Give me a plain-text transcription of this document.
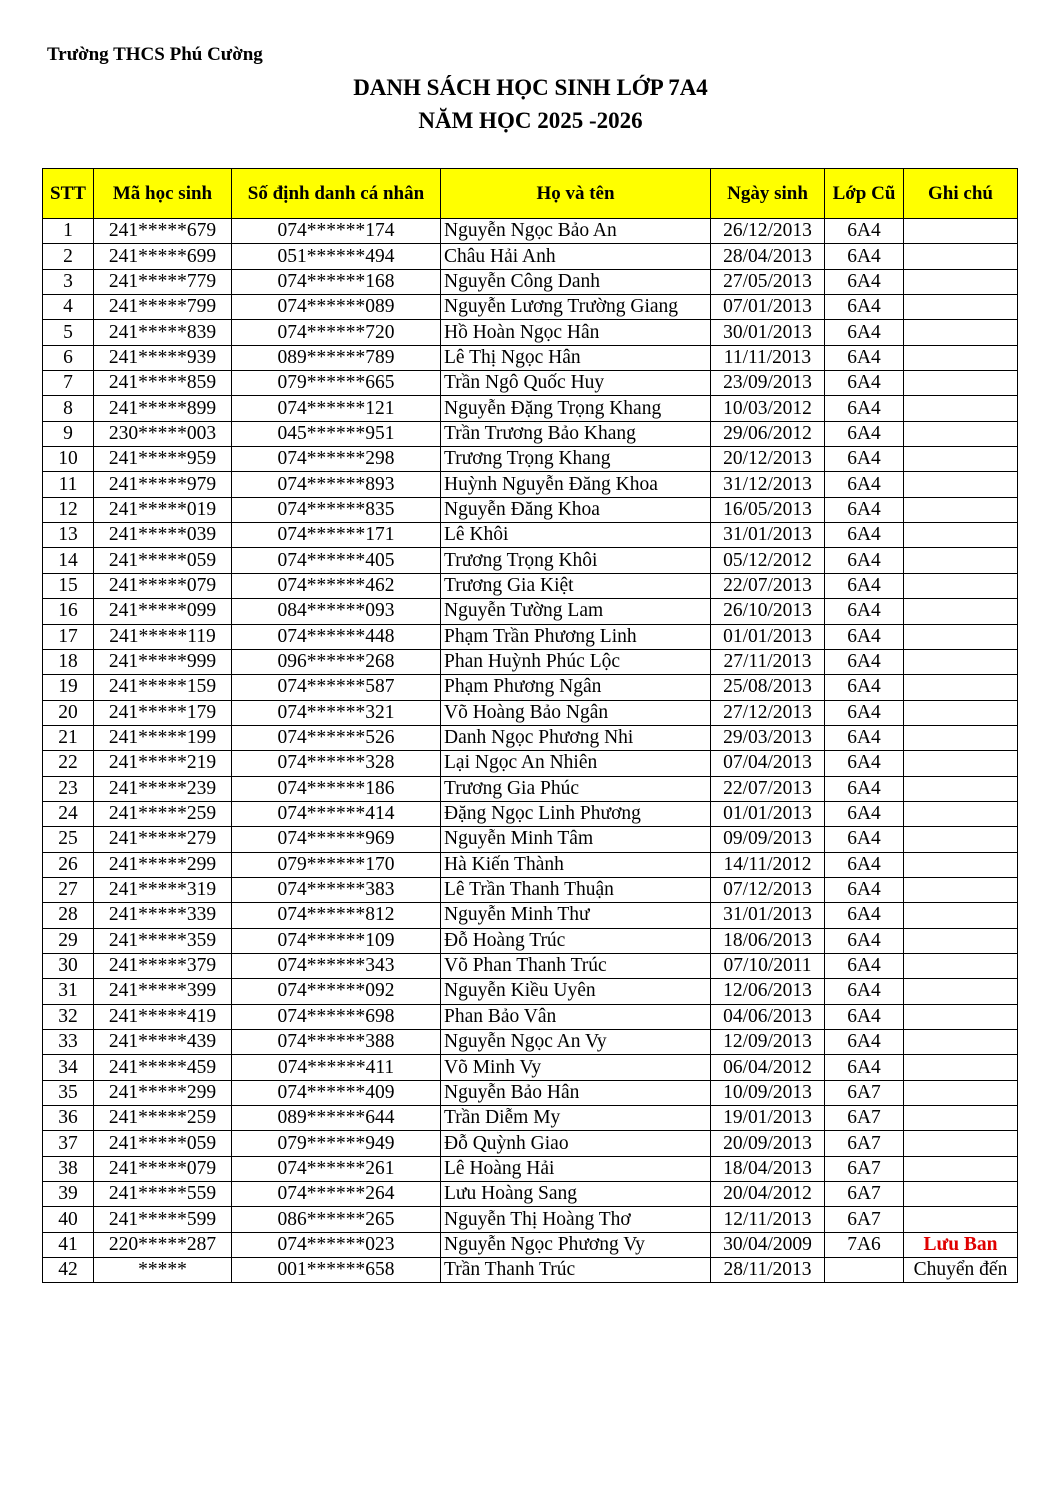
Trường THCS Phú Cường
DANH SÁCH HỌC SINH LỚP 7A4
NĂM HỌC 2025 -2026
STT	Mã học sinh	Số định danh cá nhân	Họ và tên	Ngày sinh	Lớp Cũ	Ghi chú
1	241*****679	074******174	Nguyễn Ngọc Bảo An	26/12/2013	6A4	
2	241*****699	051******494	Châu Hải Anh	28/04/2013	6A4	
3	241*****779	074******168	Nguyễn Công Danh	27/05/2013	6A4	
4	241*****799	074******089	Nguyễn Lương Trường Giang	07/01/2013	6A4	
5	241*****839	074******720	Hồ Hoàn Ngọc Hân	30/01/2013	6A4	
6	241*****939	089******789	Lê Thị Ngọc Hân	11/11/2013	6A4	
7	241*****859	079******665	Trần Ngô Quốc Huy	23/09/2013	6A4	
8	241*****899	074******121	Nguyễn Đặng Trọng Khang	10/03/2012	6A4	
9	230*****003	045******951	Trần Trương Bảo Khang	29/06/2012	6A4	
10	241*****959	074******298	Trương Trọng Khang	20/12/2013	6A4	
11	241*****979	074******893	Huỳnh Nguyễn Đăng Khoa	31/12/2013	6A4	
12	241*****019	074******835	Nguyễn Đăng Khoa	16/05/2013	6A4	
13	241*****039	074******171	Lê Khôi	31/01/2013	6A4	
14	241*****059	074******405	Trương Trọng Khôi	05/12/2012	6A4	
15	241*****079	074******462	Trương Gia Kiệt	22/07/2013	6A4	
16	241*****099	084******093	Nguyễn Tường Lam	26/10/2013	6A4	
17	241*****119	074******448	Phạm Trần Phương Linh	01/01/2013	6A4	
18	241*****999	096******268	Phan Huỳnh Phúc Lộc	27/11/2013	6A4	
19	241*****159	074******587	Phạm Phương Ngân	25/08/2013	6A4	
20	241*****179	074******321	Võ Hoàng Bảo Ngân	27/12/2013	6A4	
21	241*****199	074******526	Danh Ngọc Phương Nhi	29/03/2013	6A4	
22	241*****219	074******328	Lại Ngọc An Nhiên	07/04/2013	6A4	
23	241*****239	074******186	Trương Gia Phúc	22/07/2013	6A4	
24	241*****259	074******414	Đặng Ngọc Linh Phương	01/01/2013	6A4	
25	241*****279	074******969	Nguyễn Minh Tâm	09/09/2013	6A4	
26	241*****299	079******170	Hà Kiến Thành	14/11/2012	6A4	
27	241*****319	074******383	Lê Trần Thanh Thuận	07/12/2013	6A4	
28	241*****339	074******812	Nguyễn Minh Thư	31/01/2013	6A4	
29	241*****359	074******109	Đỗ Hoàng Trúc	18/06/2013	6A4	
30	241*****379	074******343	Võ Phan Thanh Trúc	07/10/2011	6A4	
31	241*****399	074******092	Nguyễn Kiều Uyên	12/06/2013	6A4	
32	241*****419	074******698	Phan Bảo Vân	04/06/2013	6A4	
33	241*****439	074******388	Nguyễn Ngọc An Vy	12/09/2013	6A4	
34	241*****459	074******411	Võ Minh Vy	06/04/2012	6A4	
35	241*****299	074******409	Nguyễn Bảo Hân	10/09/2013	6A7	
36	241*****259	089******644	Trần Diễm My	19/01/2013	6A7	
37	241*****059	079******949	Đỗ Quỳnh Giao	20/09/2013	6A7	
38	241*****079	074******261	Lê Hoàng Hải	18/04/2013	6A7	
39	241*****559	074******264	Lưu Hoàng Sang	20/04/2012	6A7	
40	241*****599	086******265	Nguyễn Thị Hoàng Thơ	12/11/2013	6A7	
41	220*****287	074******023	Nguyễn Ngọc Phương Vy	30/04/2009	7A6	Lưu Ban
42	*****	001******658	Trần Thanh Trúc	28/11/2013		Chuyển đến
